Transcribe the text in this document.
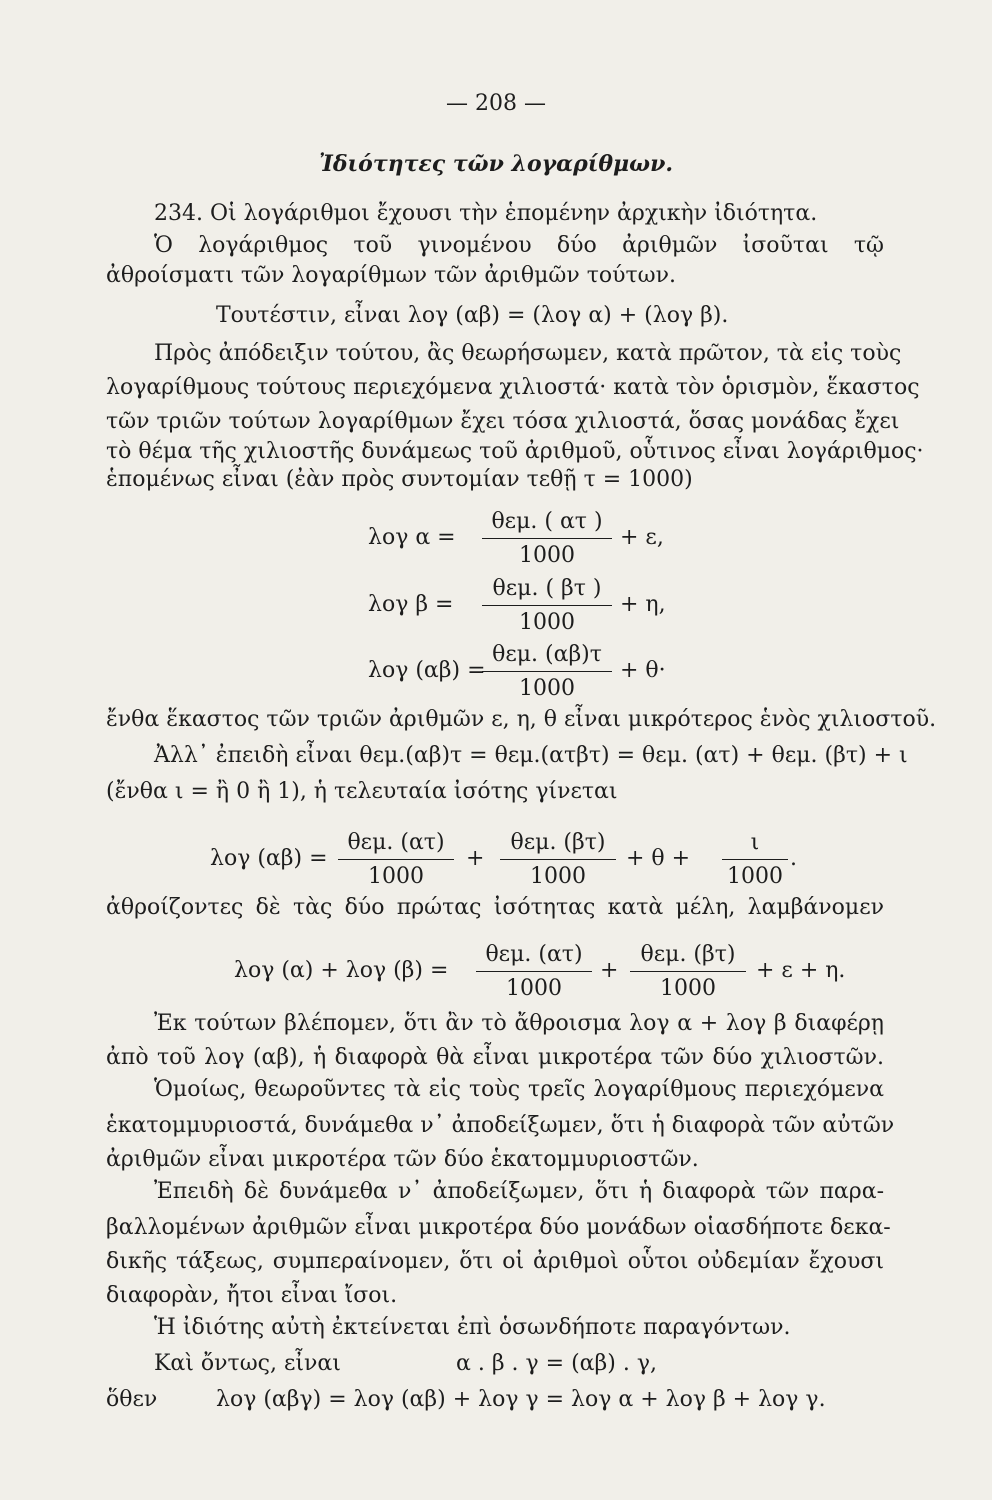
— 208 —
Ἰδιότητες τῶν λογαρίθμων.
234. Οἱ λογάριθμοι ἔχουσι τὴν ἑπομένην ἀρχικὴν ἰδιότητα.
Ὁ λογάριθμος τοῦ γινομένου δύο ἀριθμῶν ἰσοῦται τῷ
ἀθροίσματι τῶν λογαρίθμων τῶν ἀριθμῶν τούτων.
Τουτέστιν, εἶναι λογ (αβ) = (λογ α) + (λογ β).
Πρὸς ἀπόδειξιν τούτου, ἂς θεωρήσωμεν, κατὰ πρῶτον, τὰ εἰς τοὺς
λογαρίθμους τούτους περιεχόμενα χιλιοστά· κατὰ τὸν ὁρισμὸν, ἕκαστος
τῶν τριῶν τούτων λογαρίθμων ἔχει τόσα χιλιοστά, ὅσας μονάδας ἔχει
τὸ θέμα τῆς χιλιοστῆς δυνάμεως τοῦ ἀριθμοῦ, οὗτινος εἶναι λογάριθμος·
ἑπομένως εἶναι (ἐὰν πρὸς συντομίαν τεθῇ τ = 1000)
λογ α =
θεμ. ( ατ )
1000
+ ε,
λογ β =
θεμ. ( βτ )
1000
+ η,
λογ (αβ) =
θεμ. (αβ)τ
1000
+ θ·
ἔνθα ἕκαστος τῶν τριῶν ἀριθμῶν ε, η, θ εἶναι μικρότερος ἑνὸς χιλιοστοῦ.
Ἀλλ᾽ ἐπειδὴ εἶναι θεμ.(αβ)τ = θεμ.(ατβτ) = θεμ. (ατ) + θεμ. (βτ) + ι
(ἔνθα ι = ἢ 0 ἢ 1), ἡ τελευταία ἰσότης γίνεται
λογ (αβ) =
θεμ. (ατ)
1000
+
θεμ. (βτ)
1000
+ θ +
ι
1000
.
ἀθροίζοντες δὲ τὰς δύο πρώτας ἰσότητας κατὰ μέλη, λαμβάνομεν
λογ (α) + λογ (β) =
θεμ. (ατ)
1000
+
θεμ. (βτ)
1000
+ ε + η.
Ἐκ τούτων βλέπομεν, ὅτι ἂν τὸ ἄθροισμα λογ α + λογ β διαφέρῃ
ἀπὸ τοῦ λογ (αβ), ἡ διαφορὰ θὰ εἶναι μικροτέρα τῶν δύο χιλιοστῶν.
Ὁμοίως, θεωροῦντες τὰ εἰς τοὺς τρεῖς λογαρίθμους περιεχόμενα
ἑκατομμυριοστά, δυνάμεθα ν᾽ ἀποδείξωμεν, ὅτι ἡ διαφορὰ τῶν αὐτῶν
ἀριθμῶν εἶναι μικροτέρα τῶν δύο ἑκατομμυριοστῶν.
Ἐπειδὴ δὲ δυνάμεθα ν᾽ ἀποδείξωμεν, ὅτι ἡ διαφορὰ τῶν παρα-
βαλλομένων ἀριθμῶν εἶναι μικροτέρα δύο μονάδων οἱασδήποτε δεκα-
δικῆς τάξεως, συμπεραίνομεν, ὅτι οἱ ἀριθμοὶ οὗτοι οὐδεμίαν ἔχουσι
διαφορὰν, ἤτοι εἶναι ἴσοι.
Ἡ ἰδιότης αὐτὴ ἐκτείνεται ἐπὶ ὁσωνδήποτε παραγόντων.
Καὶ ὄντως, εἶναι	α . β . γ = (αβ) . γ,
ὅθεν	λογ (αβγ) = λογ (αβ) + λογ γ = λογ α + λογ β + λογ γ.
